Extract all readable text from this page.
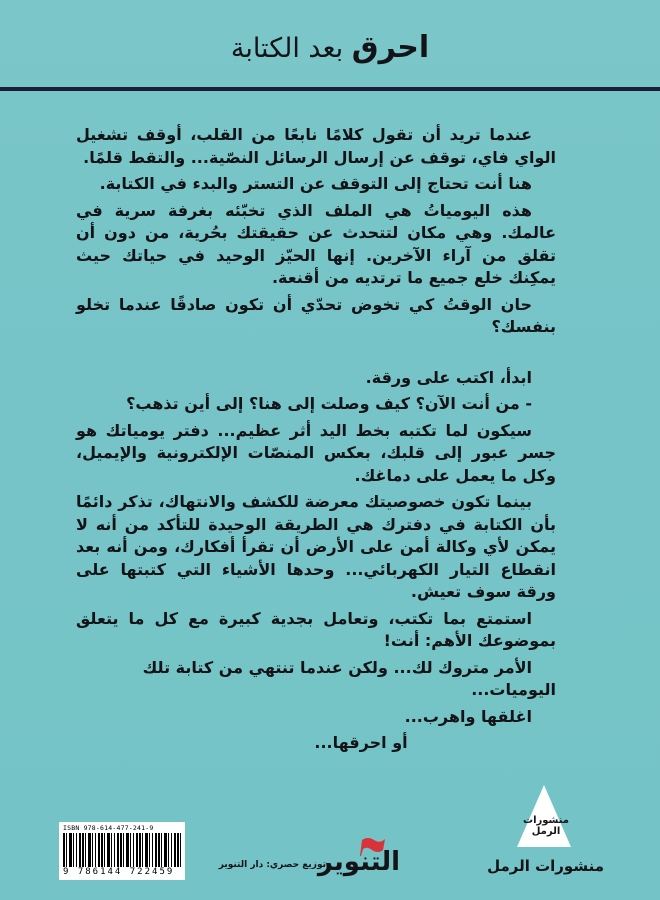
احرق بعد الكتابة

عندما تريد أن تقول كلامًا نابعًا من القلب، أوقف تشغيل الواي فاي، توقف عن إرسال الرسائل النصّية... والتقط قلمًا.

هنا أنت تحتاج إلى التوقف عن التستر والبدء في الكتابة.

هذه اليومياتُ هي الملف الذي تخبّئه بغرفة سرية في عالمك. وهي مكان لتتحدث عن حقيقتك بحُرية، من دون أن تقلق من آراء الآخرين. إنها الحيّز الوحيد في حياتك حيث يمكِنك خلع جميع ما ترتديه من أقنعة.

حان الوقتُ كي تخوض تحدّي أن تكون صادقًا عندما تخلو بنفسك؟

ابدأ، اكتب على ورقة.

- من أنت الآن؟ كيف وصلت إلى هنا؟ إلى أين تذهب؟

سيكون لما تكتبه بخط اليد أثر عظيم... دفتر يومياتك هو جسر عبور إلى قلبك، بعكس المنصّات الإلكترونية والإيميل، وكل ما يعمل على دماغك.

بينما تكون خصوصيتك معرضة للكشف والانتهاك، تذكر دائمًا بأن الكتابة في دفترك هي الطريقة الوحيدة للتأكد من أنه لا يمكن لأي وكالة أمن على الأرض أن تقرأ أفكارك، ومن أنه بعد انقطاع التيار الكهربائي... وحدها الأشياء التي كتبتها على ورقة سوف تعيش.

استمتع بما تكتب، وتعامل بجدية كبيرة مع كل ما يتعلق بموضوعك الأهم: أنت!

الأمر متروك لك... ولكن عندما تنتهي من كتابة تلك اليوميات...

اغلقها واهرب...

أو احرقها...

ISBN 978-614-477-241-9
9 786144 722459	التنوير
توزيع حصري: دار التنوير
منشورات
الرمل
منشورات الرمل
